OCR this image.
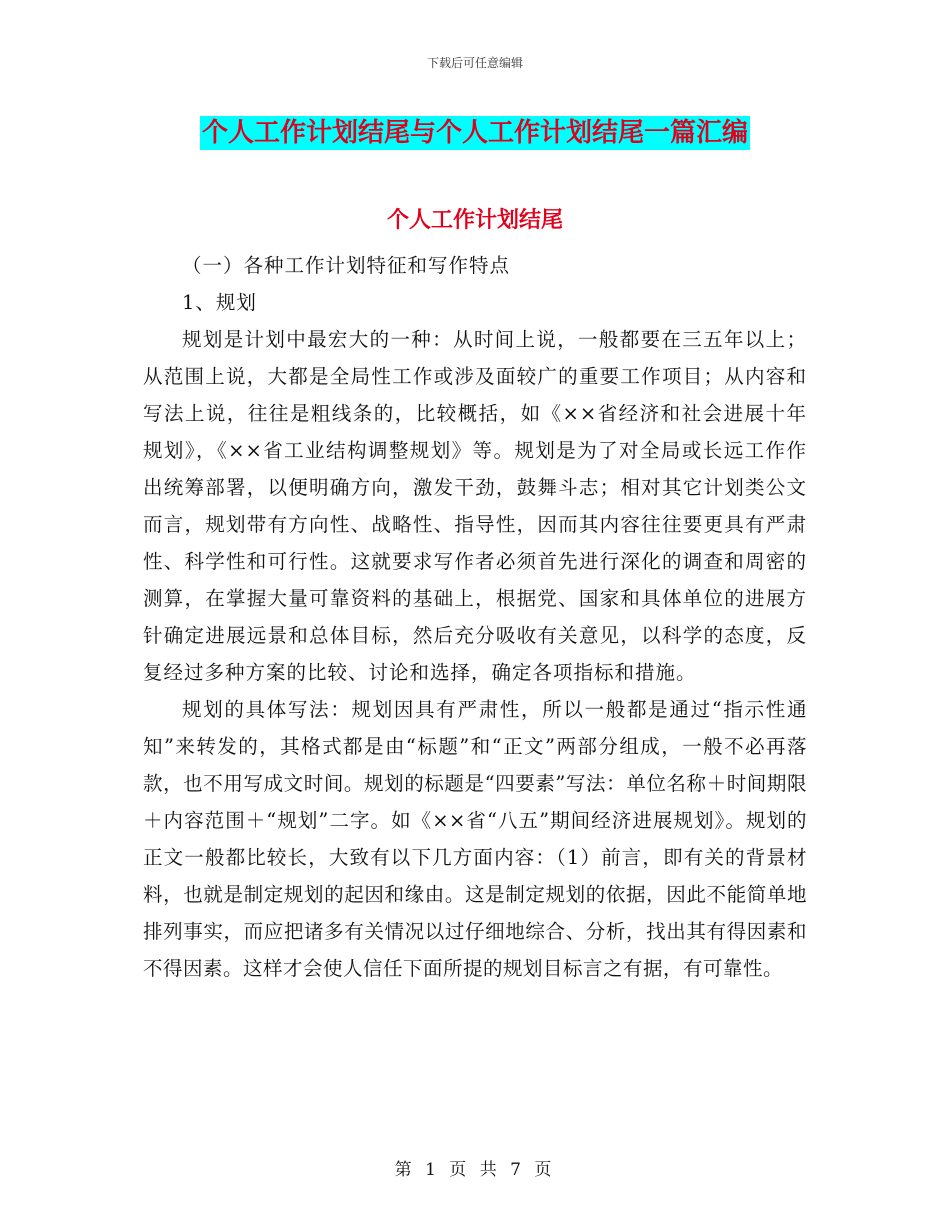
下载后可任意编辑
个人工作计划结尾与个人工作计划结尾一篇汇编
个人工作计划结尾

（一）各种工作计划特征和写作特点

1、规划

规划是计划中最宏大的一种：从时间上说，一般都要在三五年以上；从范围上说，大都是全局性工作或涉及面较广的重要工作项目；从内容和写法上说，往往是粗线条的，比较概括，如《××省经济和社会进展十年规划》，《××省工业结构调整规划》等。规划是为了对全局或长远工作作出统筹部署，以便明确方向，激发干劲，鼓舞斗志；相对其它计划类公文而言，规划带有方向性、战略性、指导性，因而其内容往往要更具有严肃性、科学性和可行性。这就要求写作者必须首先进行深化的调查和周密的测算，在掌握大量可靠资料的基础上，根据党、国家和具体单位的进展方针确定进展远景和总体目标，然后充分吸收有关意见，以科学的态度，反复经过多种方案的比较、讨论和选择，确定各项指标和措施。

规划的具体写法：规划因具有严肃性，所以一般都是通过“指示性通知”来转发的，其格式都是由“标题”和“正文”两部分组成，一般不必再落款，也不用写成文时间。规划的标题是“四要素”写法：单位名称＋时间期限＋内容范围＋“规划”二字。如《××省“八五”期间经济进展规划》。规划的正文一般都比较长，大致有以下几方面内容：（1）前言，即有关的背景材料，也就是制定规划的起因和缘由。这是制定规划的依据，因此不能简单地排列事实，而应把诸多有关情况以过仔细地综合、分析，找出其有得因素和不得因素。这样才会使人信任下面所提的规划目标言之有据，有可靠性。

第 1 页 共 7 页
